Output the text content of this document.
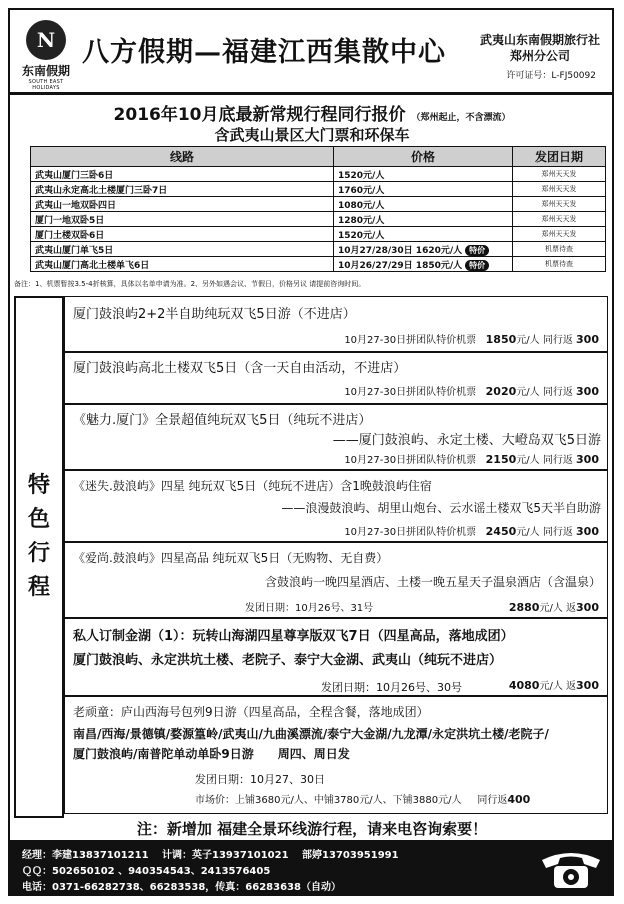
N
东南假期
SOUTH EAST HOLIDAYS
八方假期—福建江西集散中心	武夷山东南假期旅行社
郑州分公司
许可证号：L-FJ50092
2016年10月底最新常规行程同行报价 （郑州起止，不含漂流）
含武夷山景区大门票和环保车
线路	价格	发团日期
武夷山厦门三卧6日	1520元/人	郑州天天发
武夷山永定高北土楼厦门三卧7日	1760元/人	郑州天天发
武夷山一地双卧四日	1080元/人	郑州天天发
厦门一地双卧5日	1280元/人	郑州天天发
厦门土楼双卧6日	1520元/人	郑州天天发
武夷山厦门单飞5日	10月27/28/30日 1620元/人 特价	机票待查
武夷山厦门高北土楼单飞6日	10月26/27/29日 1850元/人 特价	机票待查
备注：1、机票暂按3.5-4折核算，具体以名单申请为准。2、另外如遇会议、节假日，价格另议 请提前咨询时间。
特
色
行
程
厦门鼓浪屿2+2半自助纯玩双飞5日游（不进店）
10月27-30日拼团队特价机票 1850元/人 同行返 300
厦门鼓浪屿高北土楼双飞5日（含一天自由活动，不进店）
10月27-30日拼团队特价机票 2020元/人 同行返 300
《魅力.厦门》全景超值纯玩双飞5日（纯玩不进店）
——厦门鼓浪屿、永定土楼、大嶝岛双飞5日游
10月27-30日拼团队特价机票 2150元/人 同行返 300
《迷失.鼓浪屿》四星 纯玩双飞5日（纯玩不进店）含1晚鼓浪屿住宿
——浪漫鼓浪屿、胡里山炮台、云水谣土楼双飞5天半自助游
10月27-30日拼团队特价机票 2450元/人 同行返 300
《爱尚.鼓浪屿》四星高品 纯玩双飞5日（无购物、无自费）
含鼓浪屿一晚四星酒店、土楼一晚五星天子温泉酒店（含温泉）
发团日期：10月26号、31号	2880元/人 返300
私人订制金湖（1）：玩转山海湖四星尊享版双飞7日（四星高品，落地成团）
厦门鼓浪屿、永定洪坑土楼、老院子、泰宁大金湖、武夷山（纯玩不进店）
发团日期：10月26号、30号	4080元/人 返300
老顽童：庐山西海号包列9日游（四星高品，全程含餐，落地成团）
南昌/西海/景德镇/婺源篁岭/武夷山/九曲溪漂流/泰宁大金湖/九龙潭/永定洪坑土楼/老院子/
厦门鼓浪屿/南普陀单动单卧9日游　　周四、周日发
发团日期：10月27、30日
市场价：上铺3680元/人、中铺3780元/人、下铺3880元/人 同行返400
注：新增加 福建全景环线游行程，请来电咨询索要！
经理：李建13837101211　 计调：英子13937101021　 部婷13703951991
ＱＱ：502650102 、940354543、2413576405
电话：0371-66282738、66283538，传真：66283638（自动）
